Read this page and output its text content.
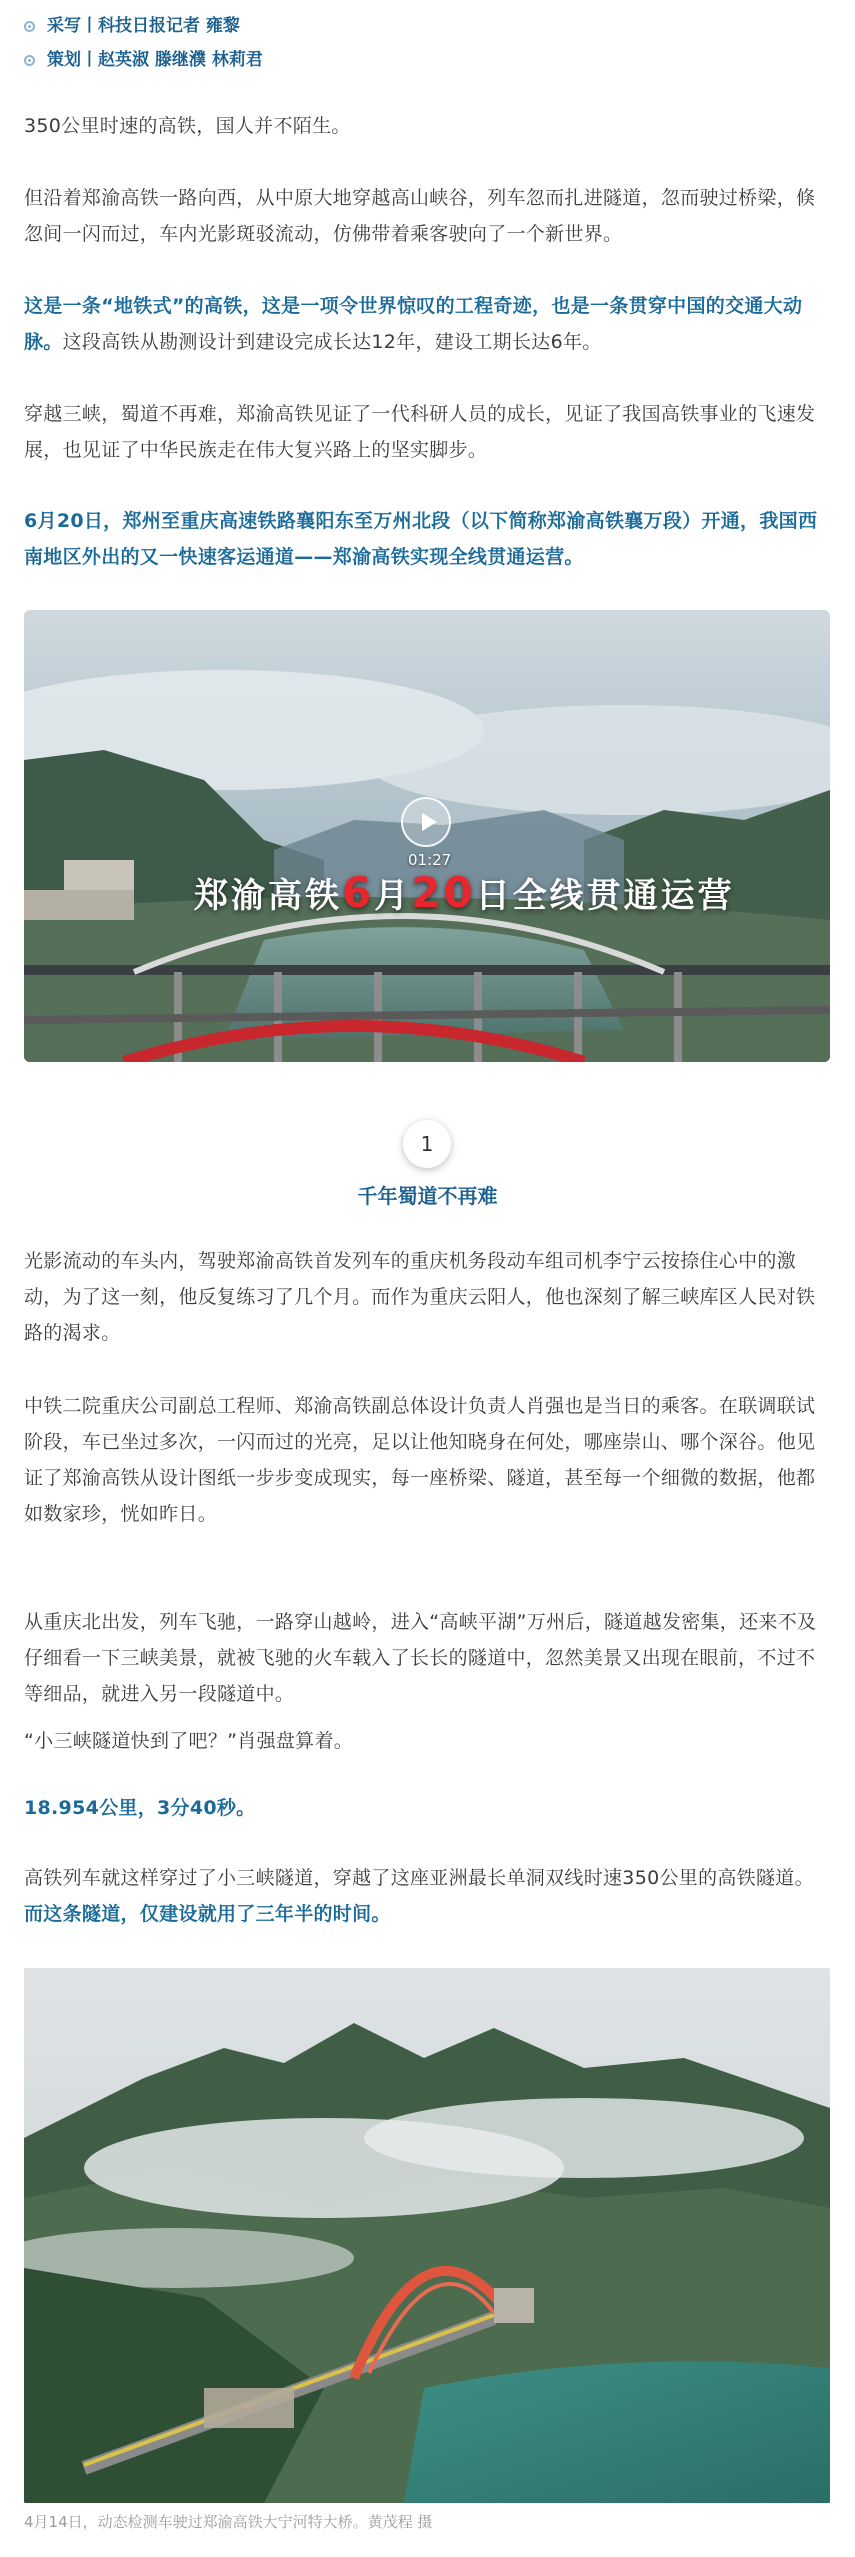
采写丨科技日报记者 雍黎
策划丨赵英淑 滕继濮 林莉君

350公里时速的高铁，国人并不陌生。

但沿着郑渝高铁一路向西，从中原大地穿越高山峡谷，列车忽而扎进隧道，忽而驶过桥梁，倏忽间一闪而过，车内光影斑驳流动，仿佛带着乘客驶向了一个新世界。

这是一条“地铁式”的高铁，这是一项令世界惊叹的工程奇迹，也是一条贯穿中国的交通大动脉。这段高铁从勘测设计到建设完成长达12年，建设工期长达6年。

穿越三峡，蜀道不再难，郑渝高铁见证了一代科研人员的成长，见证了我国高铁事业的飞速发展，也见证了中华民族走在伟大复兴路上的坚实脚步。

6月20日，郑州至重庆高速铁路襄阳东至万州北段（以下简称郑渝高铁襄万段）开通，我国西南地区外出的又一快速客运通道——郑渝高铁实现全线贯通运营。

01:27
郑渝高铁6月20日全线贯通运营
1
千年蜀道不再难

光影流动的车头内，驾驶郑渝高铁首发列车的重庆机务段动车组司机李宁云按捺住心中的激动，为了这一刻，他反复练习了几个月。而作为重庆云阳人，他也深刻了解三峡库区人民对铁路的渴求。

中铁二院重庆公司副总工程师、郑渝高铁副总体设计负责人肖强也是当日的乘客。在联调联试阶段，车已坐过多次，一闪而过的光亮，足以让他知晓身在何处，哪座崇山、哪个深谷。他见证了郑渝高铁从设计图纸一步步变成现实，每一座桥梁、隧道，甚至每一个细微的数据，他都如数家珍，恍如昨日。

从重庆北出发，列车飞驰，一路穿山越岭，进入“高峡平湖”万州后，隧道越发密集，还来不及仔细看一下三峡美景，就被飞驰的火车载入了长长的隧道中，忽然美景又出现在眼前，不过不等细品，就进入另一段隧道中。

“小三峡隧道快到了吧？”肖强盘算着。

18.954公里，3分40秒。

高铁列车就这样穿过了小三峡隧道，穿越了这座亚洲最长单洞双线时速350公里的高铁隧道。而这条隧道，仅建设就用了三年半的时间。

4月14日，动态检测车驶过郑渝高铁大宁河特大桥。黄茂程 摄
